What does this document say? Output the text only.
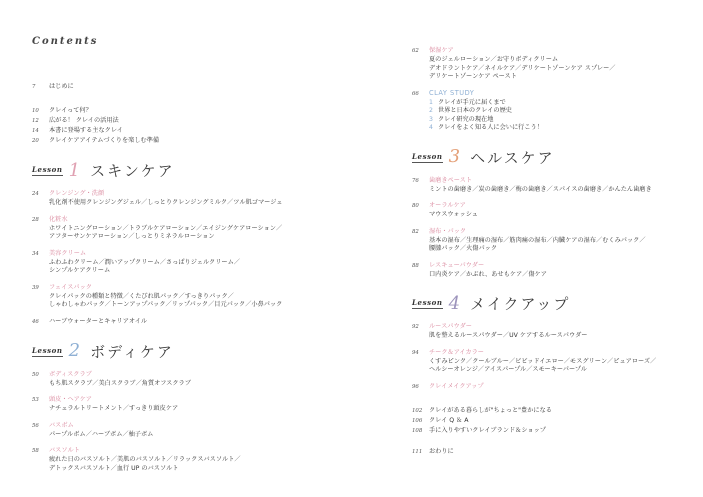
Contents
7	はじめに
10	クレイって何？
12	広がる！ クレイの活用法
14	本書に登場する主なクレイ
20	クレイケアアイテムづくりを楽しむ準備
Lesson 1 スキンケア
24	クレンジング・洗顔
乳化剤不使用クレンジングジェル／しっとりクレンジングミルク／ツル肌ゴマージュ
28	化粧水
ホワイトニングローション／トラブルケアローション／エイジングケアローション／
アフターサンケアローション／しっとりミネラルローション
34	美容クリーム
ふわふわクリーム／潤いアップクリーム／さっぱりジェルクリーム／
シンプルケアクリーム
39	フェイスパック
クレイパックの種類と特徴／くたびれ肌パック／すっきりパック／
しゃわしゃわパック／トーンアップパック／リップパック／目元パック／小鼻パック
46	ハーブウォーターとキャリアオイル
Lesson 2 ボディケア
50	ボディスクラブ
もち肌スクラブ／美白スクラブ／角質オフスクラブ
53	頭皮・ヘアケア
ナチュラルトリートメント／すっきり頭皮ケア
56	バスボム
パープルボム／ハーブボム／柚子ボム
58	バスソルト
疲れた日のバスソルト／美肌のバスソルト／リラックスバスソルト／
デトックスバスソルト／血行 UP のバスソルト
62	保湿ケア
夏のジェルローション／お守りボディクリーム
デオドラントケア／ネイルケア／デリケートゾーンケア スプレー／
デリケートゾーンケア ペースト
66	CLAY STUDY
1 クレイが手元に届くまで
2 世界と日本のクレイの歴史
3 クレイ研究の現在地
4 クレイをよく知る人に会いに行こう！
Lesson 3 ヘルスケア
76	歯磨きペースト
ミントの歯磨き／炭の歯磨き／梅の歯磨き／スパイスの歯磨き／かんたん歯磨き
80	オーラルケア
マウスウォッシュ
82	湿布・パック
基本の湿布／生理痛の湿布／筋肉痛の湿布／内臓ケアの湿布／むくみパック／
腰膝パック／火傷パック
88	レスキューパウダー
口内炎ケア／かぶれ、あせもケア／傷ケア
Lesson 4 メイクアップ
92	ルースパウダー
肌を整えるルースパウダー／UV ケアするルースパウダー
94	チーク＆アイカラー
くすみピンク／クールブルー／ビビッドイエロー／モスグリーン／ピュアローズ／
ヘルシーオレンジ／アイスパープル／スモーキーパープル
96	クレイメイクアップ
102	クレイがある暮らしが"ちょっと"豊かになる
106	クレイ Q ＆ A
108	手に入りやすいクレイブランド＆ショップ
111	おわりに
